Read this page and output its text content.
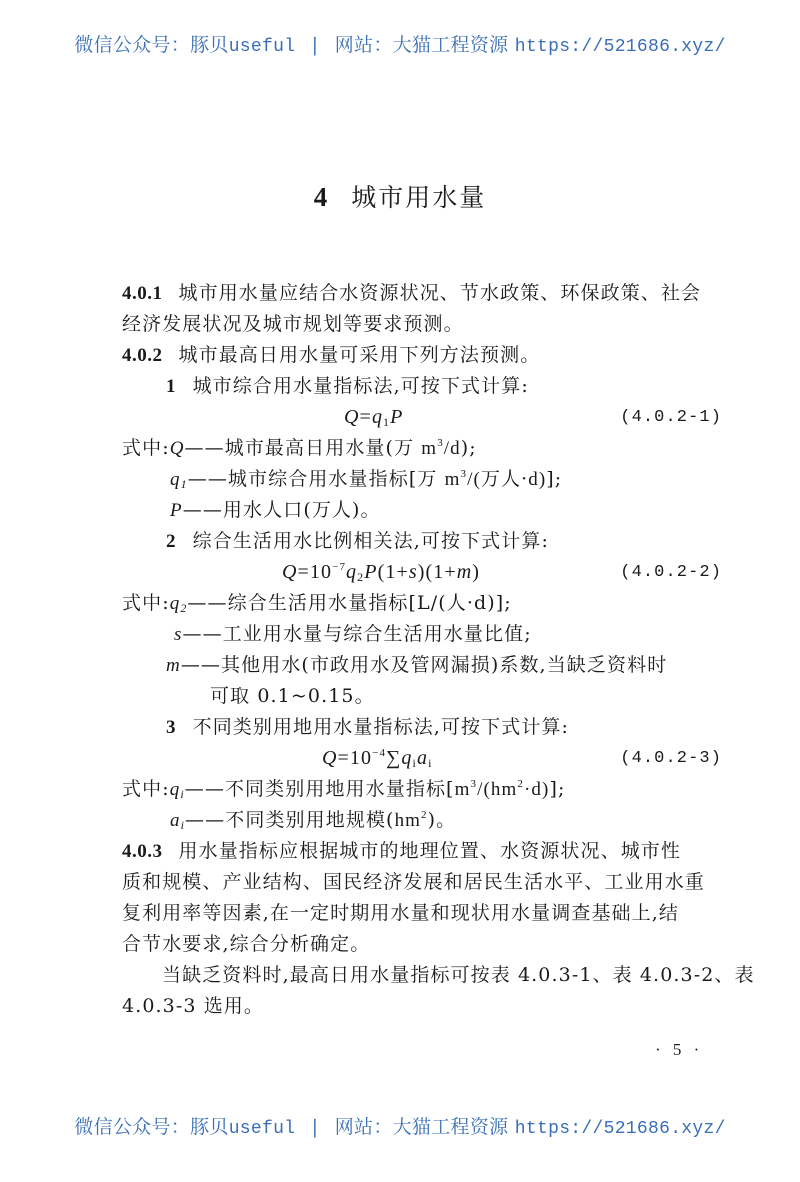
微信公众号：豚贝useful | 网站：大猫工程资源 https://521686.xyz/
4 城市用水量
4.0.1 城市用水量应结合水资源状况、节水政策、环保政策、社会
经济发展状况及城市规划等要求预测。
4.0.2 城市最高日用水量可采用下列方法预测。
1 城市综合用水量指标法,可按下式计算:
$Q=q_1P$	(4.0.2-1)
式中:Q——城市最高日用水量(万 $m^3/d$);
$q_1——$城市综合用水量指标[万 $m^3/$(万人·d)];
P——用水人口(万人)。
2 综合生活用水比例相关法,可按下式计算:
$Q=10^{-7}q_2P(1+s)(1+m)$	(4.0.2-2)
式中$:q_2——$综合生活用水量指标[L/(人·d)];
s——工业用水量与综合生活用水量比值;
m——其他用水(市政用水及管网漏损)系数,当缺乏资料时
可取 0.1~0.15。
3 不同类别用地用水量指标法,可按下式计算:
$Q=10^{-4}\sum q_ia_i$	(4.0.2-3)
式中$:q_i——$不同类别用地用水量指标$[m^3/(hm^2\cdot d)]$;
$a_i——$不同类别用地规模$(hm^2)$。
4.0.3 用水量指标应根据城市的地理位置、水资源状况、城市性
质和规模、产业结构、国民经济发展和居民生活水平、工业用水重
复利用率等因素,在一定时期用水量和现状用水量调查基础上,结
合节水要求,综合分析确定。
当缺乏资料时,最高日用水量指标可按表 4.0.3-1、表 4.0.3-2、表
4.0.3-3 选用。
· 5 ·
微信公众号：豚贝useful | 网站：大猫工程资源 https://521686.xyz/
